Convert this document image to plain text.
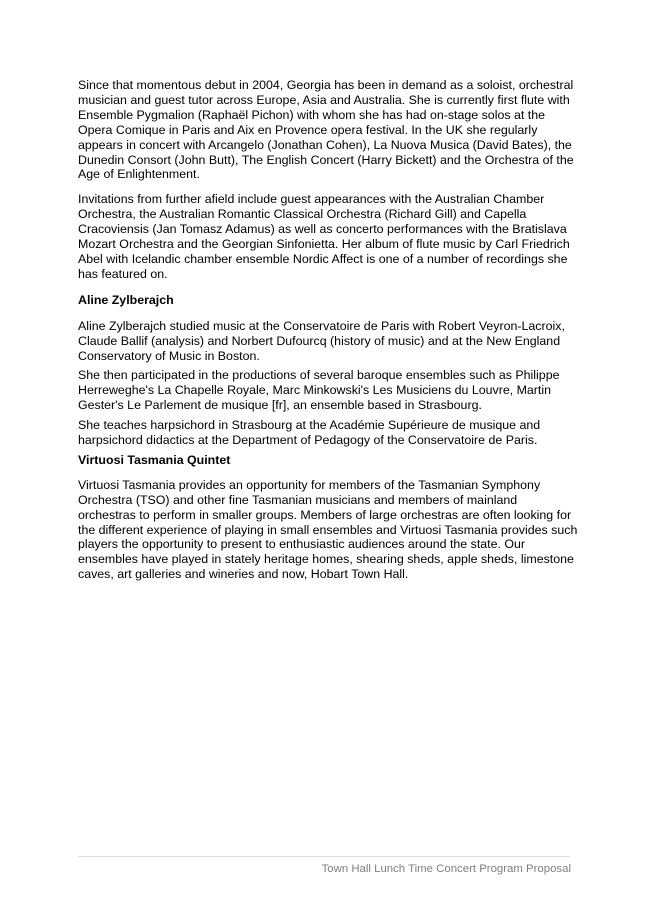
Since that momentous debut in 2004, Georgia has been in demand as a soloist, orchestral musician and guest tutor across Europe, Asia and Australia. She is currently first flute with Ensemble Pygmalion (Raphaël Pichon) with whom she has had on-stage solos at the Opera Comique in Paris and Aix en Provence opera festival. In the UK she regularly appears in concert with Arcangelo (Jonathan Cohen), La Nuova Musica (David Bates), the Dunedin Consort (John Butt), The English Concert (Harry Bickett) and the Orchestra of the Age of Enlightenment.

Invitations from further afield include guest appearances with the Australian Chamber Orchestra, the Australian Romantic Classical Orchestra (Richard Gill) and Capella Cracoviensis (Jan Tomasz Adamus) as well as concerto performances with the Bratislava Mozart Orchestra and the Georgian Sinfonietta. Her album of flute music by Carl Friedrich Abel with Icelandic chamber ensemble Nordic Affect is one of a number of recordings she has featured on.

Aline Zylberajch

Aline Zylberajch studied music at the Conservatoire de Paris with Robert Veyron-Lacroix, Claude Ballif (analysis) and Norbert Dufourcq (history of music) and at the New England Conservatory of Music in Boston.

She then participated in the productions of several baroque ensembles such as Philippe Herreweghe's La Chapelle Royale, Marc Minkowski's Les Musiciens du Louvre, Martin Gester's Le Parlement de musique [fr], an ensemble based in Strasbourg.

She teaches harpsichord in Strasbourg at the Académie Supérieure de musique and harpsichord didactics at the Department of Pedagogy of the Conservatoire de Paris.

Virtuosi Tasmania Quintet

Virtuosi Tasmania provides an opportunity for members of the Tasmanian Symphony Orchestra (TSO) and other fine Tasmanian musicians and members of mainland orchestras to perform in smaller groups. Members of large orchestras are often looking for the different experience of playing in small ensembles and Virtuosi Tasmania provides such players the opportunity to present to enthusiastic audiences around the state. Our ensembles have played in stately heritage homes, shearing sheds, apple sheds, limestone caves, art galleries and wineries and now, Hobart Town Hall.

Town Hall Lunch Time Concert Program Proposal
